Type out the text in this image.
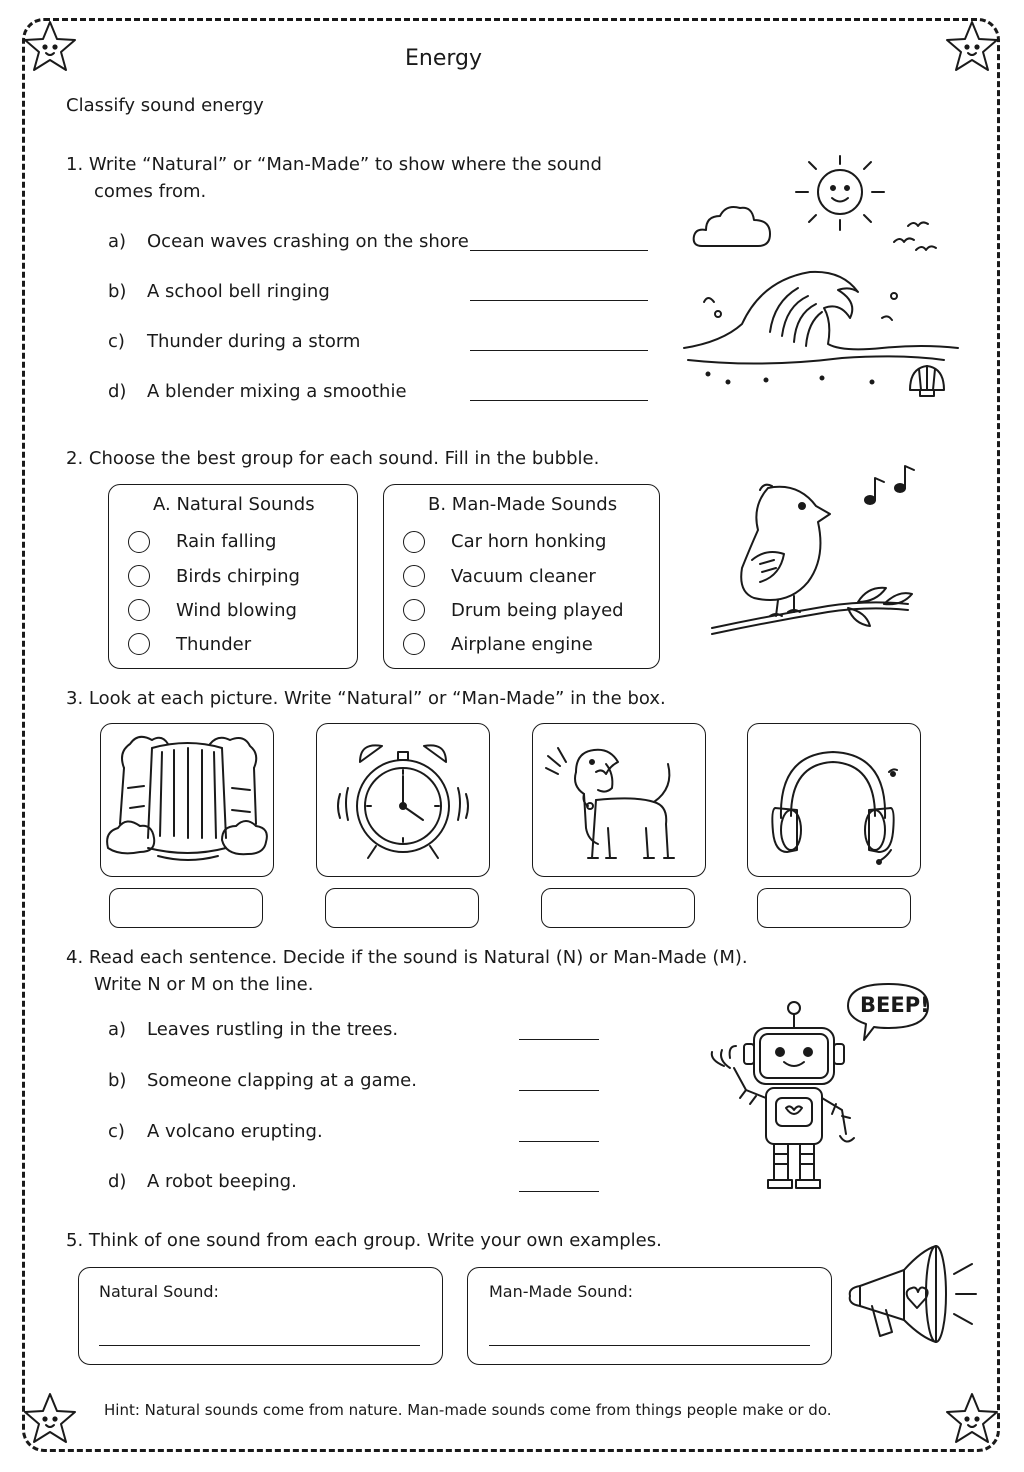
Energy
Classify sound energy
1. Write “Natural” or “Man-Made” to show where the sound
comes from.
a) Ocean waves crashing on the shore
b) A school bell ringing
c) Thunder during a storm
d) A blender mixing a smoothie
2. Choose the best group for each sound. Fill in the bubble.
A. Natural Sounds
Rain falling
Birds chirping
Wind blowing
Thunder
B. Man-Made Sounds
Car horn honking
Vacuum cleaner
Drum being played
Airplane engine
3. Look at each picture. Write “Natural” or “Man-Made” in the box.
4. Read each sentence. Decide if the sound is Natural (N) or Man-Made (M).
Write N or M on the line.
a) Leaves rustling in the trees.
b) Someone clapping at a game.
c) A volcano erupting.
d) A robot beeping.
BEEP!
5. Think of one sound from each group. Write your own examples.
Natural Sound:	Man-Made Sound:
Hint: Natural sounds come from nature. Man-made sounds come from things people make or do.
